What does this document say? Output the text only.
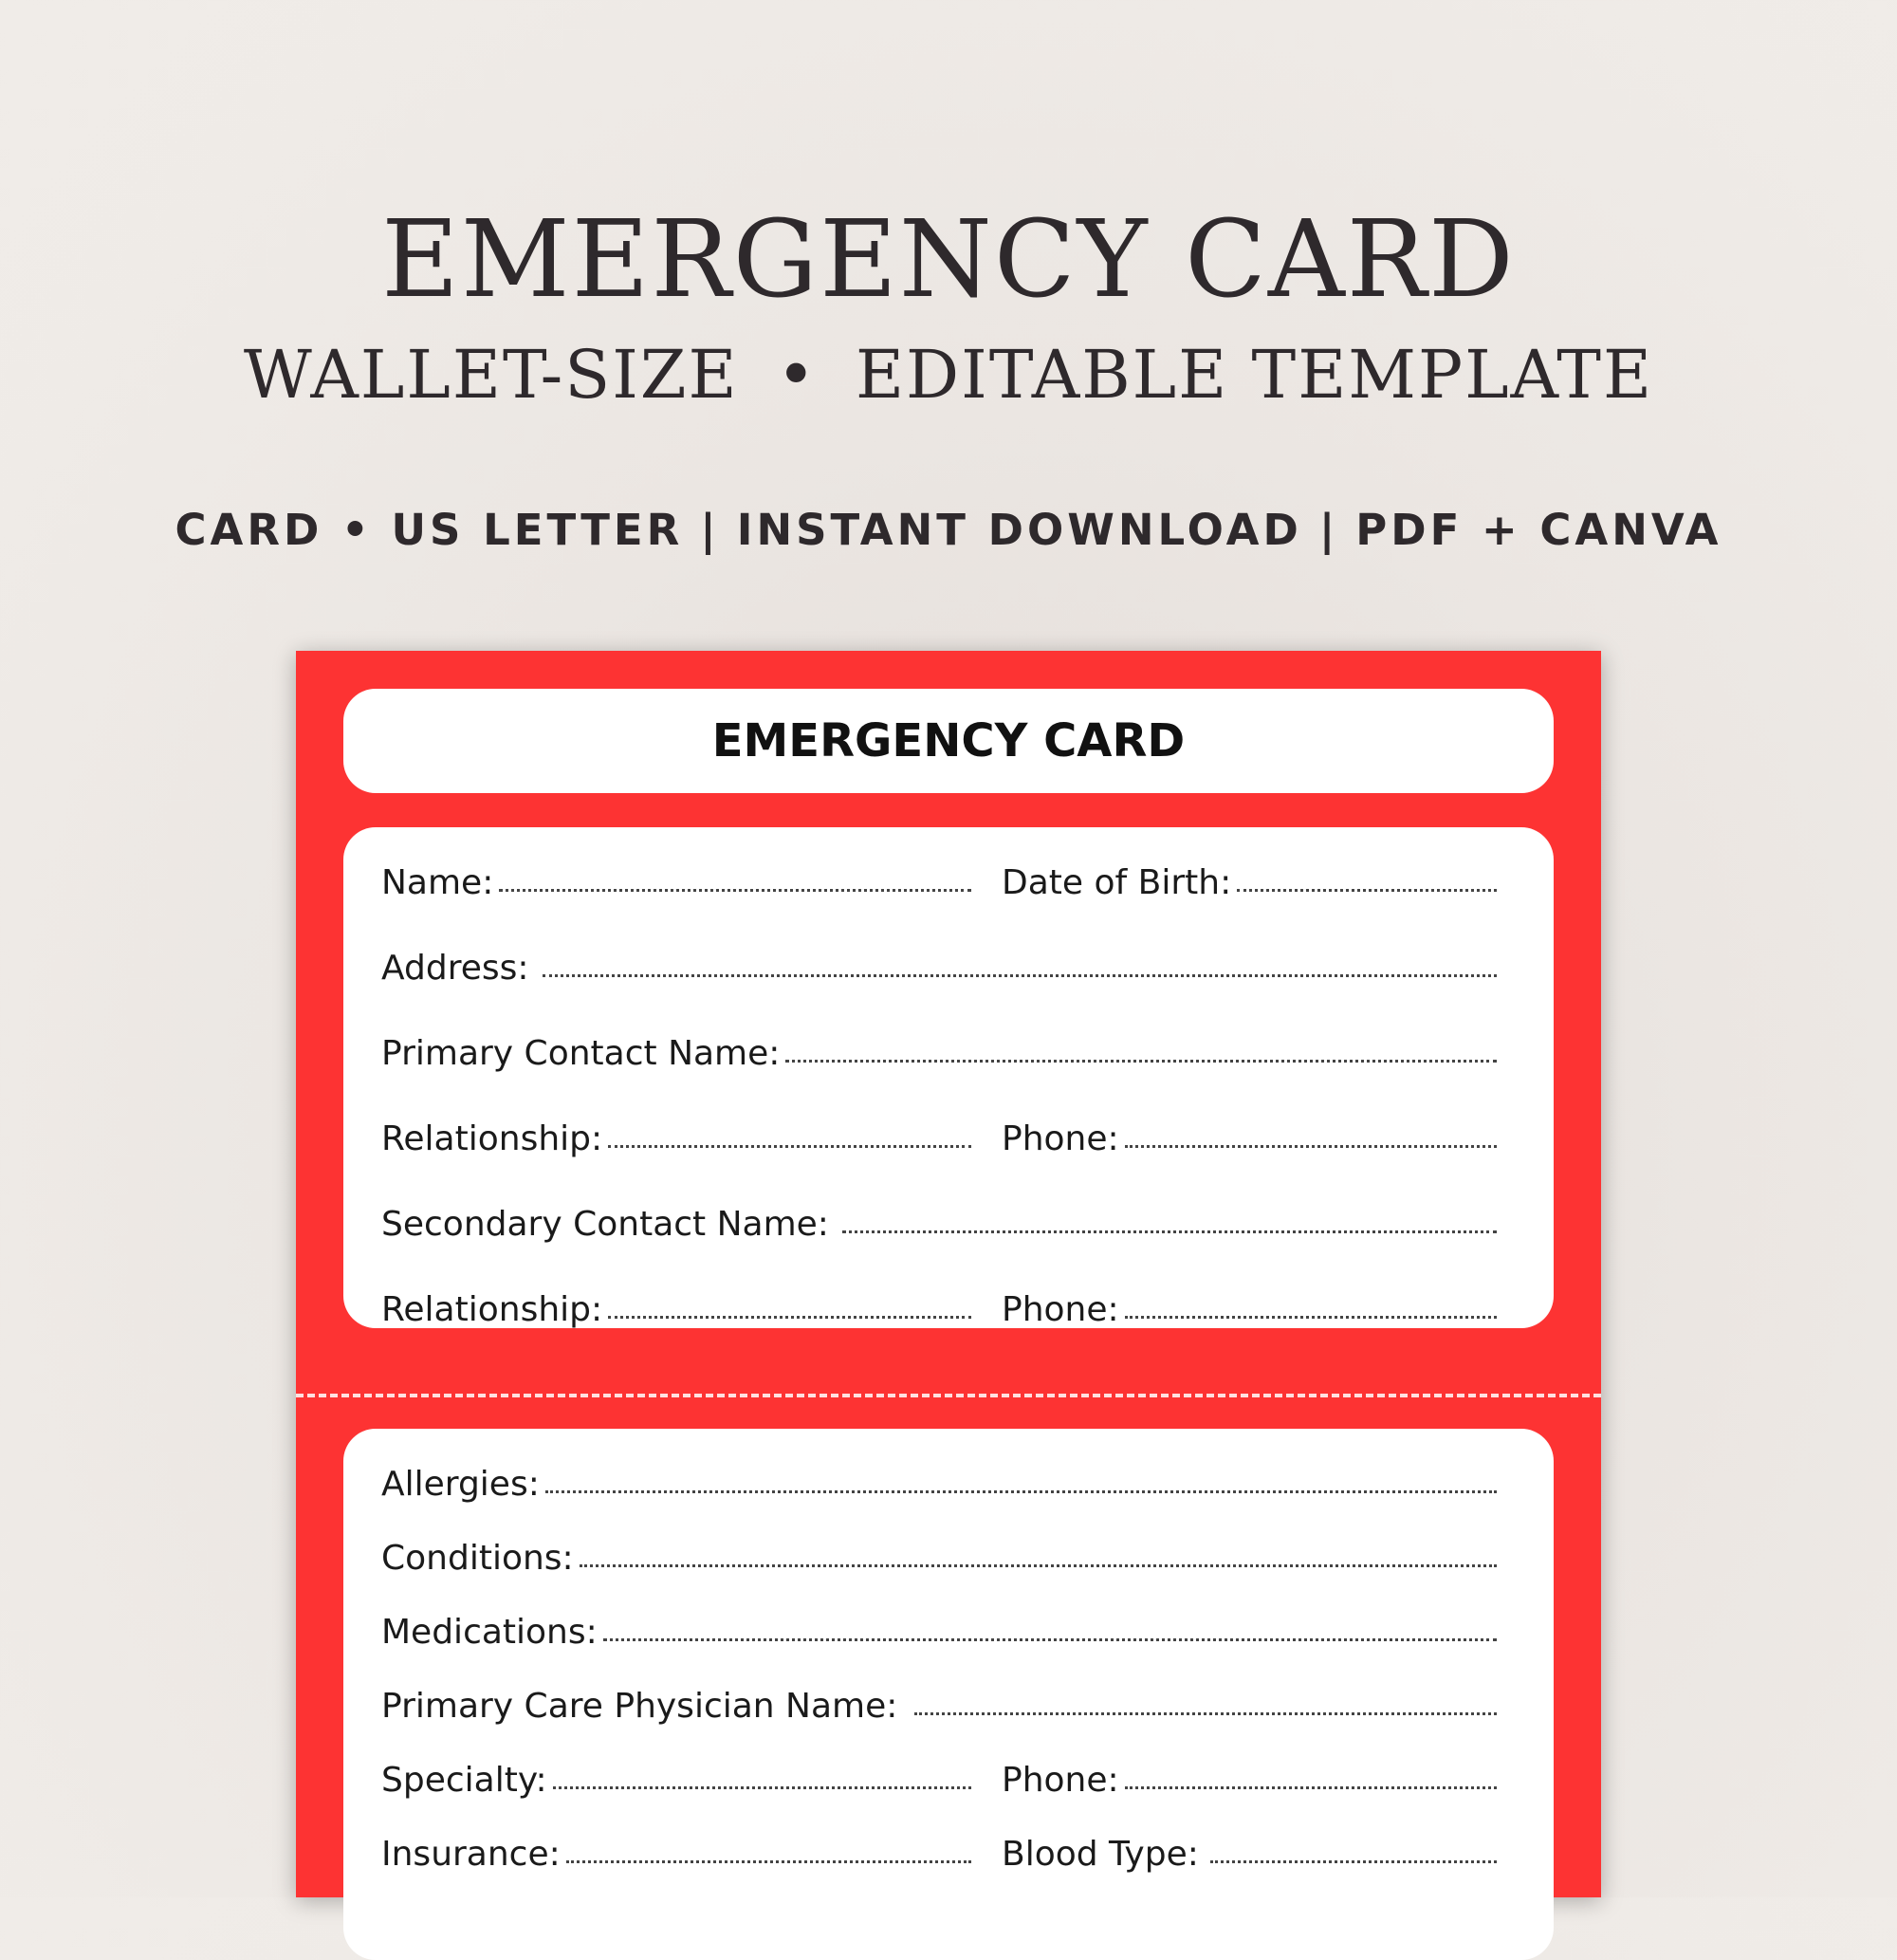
EMERGENCY CARD
WALLET-SIZE • EDITABLE TEMPLATE
CARD • US LETTER | INSTANT DOWNLOAD | PDF + CANVA
EMERGENCY CARD
Name:	Date of Birth:
Address:
Primary Contact Name:
Relationship:	Phone:
Secondary Contact Name:
Relationship:	Phone:
Allergies:
Conditions:
Medications:
Primary Care Physician Name:
Specialty:	Phone:
Insurance:	Blood Type:
